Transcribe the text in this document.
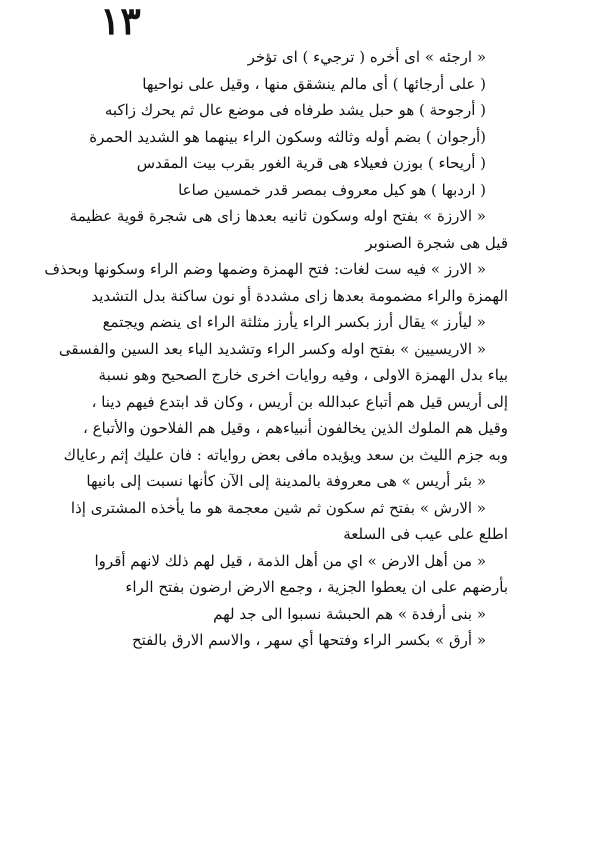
١٣
« ارجئه » اى أخره ( ترجيء ) اى تؤخر
( على أرجائها ) أى مالم ينشقق منها ، وقيل على نواحيها
( أرجوحة ) هو حبل يشد طرفاه فى موضع عال ثم يحرك زاكبه
(أرجوان ) بضم أوله وثالثه وسكون الراء بينهما هو الشديد الحمرة
( أريحاء ) بوزن فعيلاء هى قرية الغور بقرب بيت المقدس
( اردبها ) هو كيل معروف بمصر قدر خمسين صاعا
« الارزة » بفتح اوله وسكون ثانيه بعدها زاى هى شجرة قوية عظيمة
قيل هى شجرة الصنوبر
« الارز » فيه ست لغات: فتح الهمزة وضمها وضم الراء وسكونها وبحذف
الهمزة والراء مضمومة بعدها زاى مشددة أو نون ساكنة بدل التشديد
« ليأرز » يقال أرز بكسر الراء يأرز مثلثة الراء اى ينضم ويجتمع
« الاريسيين » بفتح اوله وكسر الراء وتشديد الياء بعد السين والفسقى
بياء بدل الهمزة الاولى ، وفيه روايات اخرى خارج الصحيح وهو نسبة
إلى أريس قيل هم أتباع عبدالله بن أريس ، وكان قد ابتدع فيهم دينا ،
وقيل هم الملوك الذين يخالفون أنبياءهم ، وقيل هم الفلاحون والأتباع ،
وبه جزم الليث بن سعد ويؤيده مافى بعض رواياته : فان عليك إثم رعاياك
« بئر أريس » هى معروفة بالمدينة إلى الآن كأنها نسبت إلى بانيها
« الارش » بفتح ثم سكون ثم شين معجمة هو ما يأخذه المشترى إذا
اطلع على عيب فى السلعة
« من أهل الارض » اي من أهل الذمة ، قيل لهم ذلك لانهم أقروا
بأرضهم على ان يعطوا الجزية ، وجمع الارض ارضون بفتح الراء
« بنى أرفدة » هم الحبشة نسبوا الى جد لهم
« أرق » بكسر الراء وفتحها أي سهر ، والاسم الارق بالفتح
